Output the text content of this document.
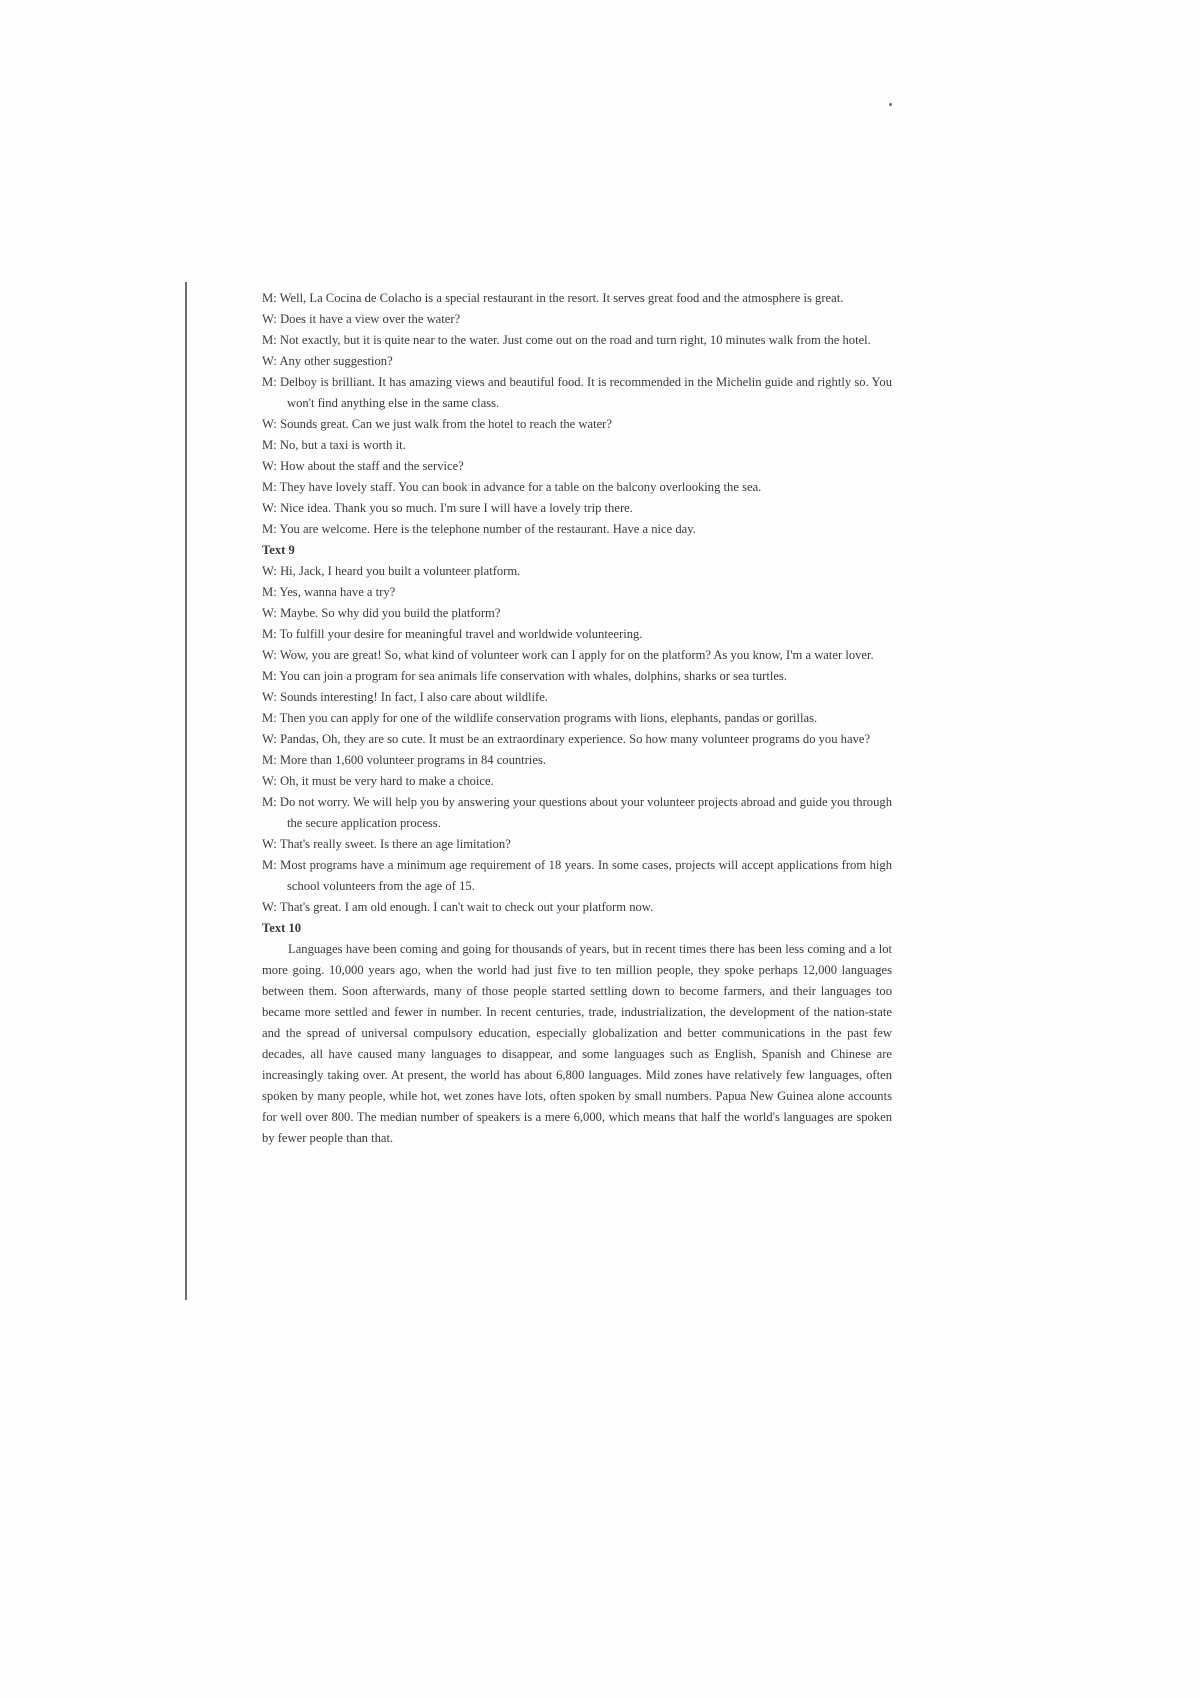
M: Well, La Cocina de Colacho is a special restaurant in the resort. It serves great food and the atmosphere is great.
W: Does it have a view over the water?
M: Not exactly, but it is quite near to the water. Just come out on the road and turn right, 10 minutes walk from the hotel.
W: Any other suggestion?
M: Delboy is brilliant. It has amazing views and beautiful food. It is recommended in the Michelin guide and rightly so. You won't find anything else in the same class.
W: Sounds great. Can we just walk from the hotel to reach the water?
M: No, but a taxi is worth it.
W: How about the staff and the service?
M: They have lovely staff. You can book in advance for a table on the balcony overlooking the sea.
W: Nice idea. Thank you so much. I'm sure I will have a lovely trip there.
M: You are welcome. Here is the telephone number of the restaurant. Have a nice day.
Text 9
W: Hi, Jack, I heard you built a volunteer platform.
M: Yes, wanna have a try?
W: Maybe. So why did you build the platform?
M: To fulfill your desire for meaningful travel and worldwide volunteering.
W: Wow, you are great! So, what kind of volunteer work can I apply for on the platform? As you know, I'm a water lover.
M: You can join a program for sea animals life conservation with whales, dolphins, sharks or sea turtles.
W: Sounds interesting! In fact, I also care about wildlife.
M: Then you can apply for one of the wildlife conservation programs with lions, elephants, pandas or gorillas.
W: Pandas, Oh, they are so cute. It must be an extraordinary experience. So how many volunteer programs do you have?
M: More than 1,600 volunteer programs in 84 countries.
W: Oh, it must be very hard to make a choice.
M: Do not worry. We will help you by answering your questions about your volunteer projects abroad and guide you through the secure application process.
W: That's really sweet. Is there an age limitation?
M: Most programs have a minimum age requirement of 18 years. In some cases, projects will accept applications from high school volunteers from the age of 15.
W: That's great. I am old enough. I can't wait to check out your platform now.
Text 10
Languages have been coming and going for thousands of years, but in recent times there has been less coming and a lot more going. 10,000 years ago, when the world had just five to ten million people, they spoke perhaps 12,000 languages between them. Soon afterwards, many of those people started settling down to become farmers, and their languages too became more settled and fewer in number. In recent centuries, trade, industrialization, the development of the nation-state and the spread of universal compulsory education, especially globalization and better communications in the past few decades, all have caused many languages to disappear, and some languages such as English, Spanish and Chinese are increasingly taking over. At present, the world has about 6,800 languages. Mild zones have relatively few languages, often spoken by many people, while hot, wet zones have lots, often spoken by small numbers. Papua New Guinea alone accounts for well over 800. The median number of speakers is a mere 6,000, which means that half the world's languages are spoken by fewer people than that.
